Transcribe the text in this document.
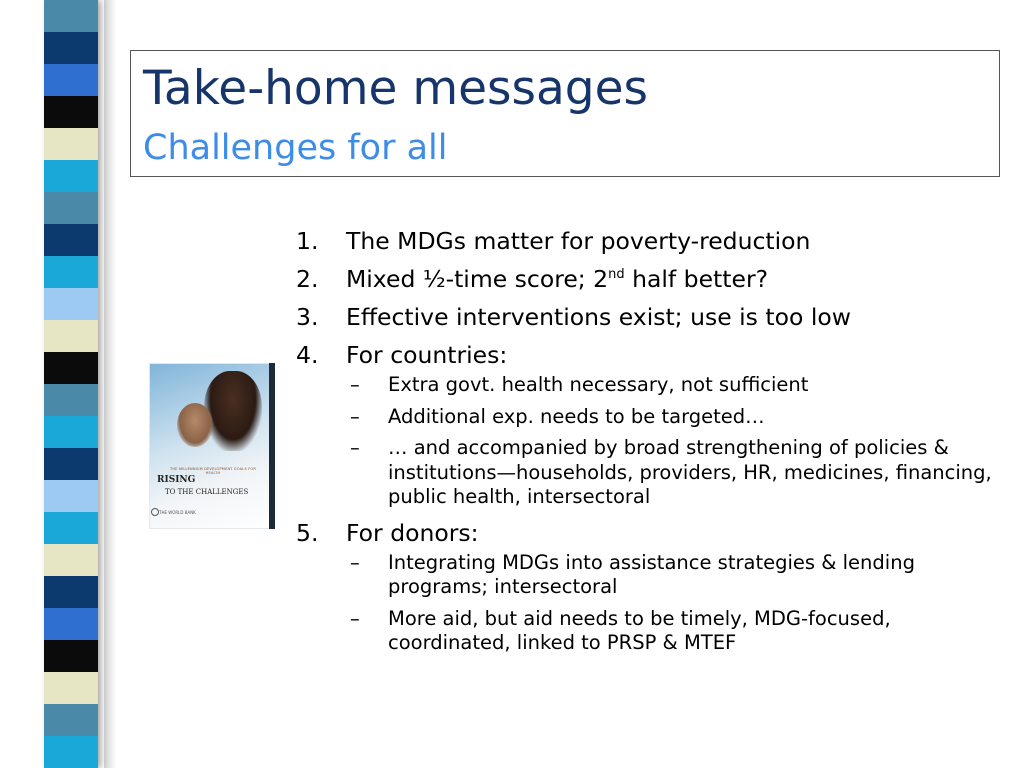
Take-home messages
Challenges for all
THE MILLENNIUM DEVELOPMENT GOALS FOR HEALTH
RISING
TO THE CHALLENGES
THE WORLD BANK
1. The MDGs matter for poverty-reduction
2. Mixed ½-time score; 2nd half better?
3. Effective interventions exist; use is too low
4. For countries:
– Extra govt. health necessary, not sufficient
– Additional exp. needs to be targeted…
– … and accompanied by broad strengthening of policies & institutions—households, providers, HR, medicines, financing, public health, intersectoral
5. For donors:
– Integrating MDGs into assistance strategies & lending programs; intersectoral
– More aid, but aid needs to be timely, MDG-focused, coordinated, linked to PRSP & MTEF
